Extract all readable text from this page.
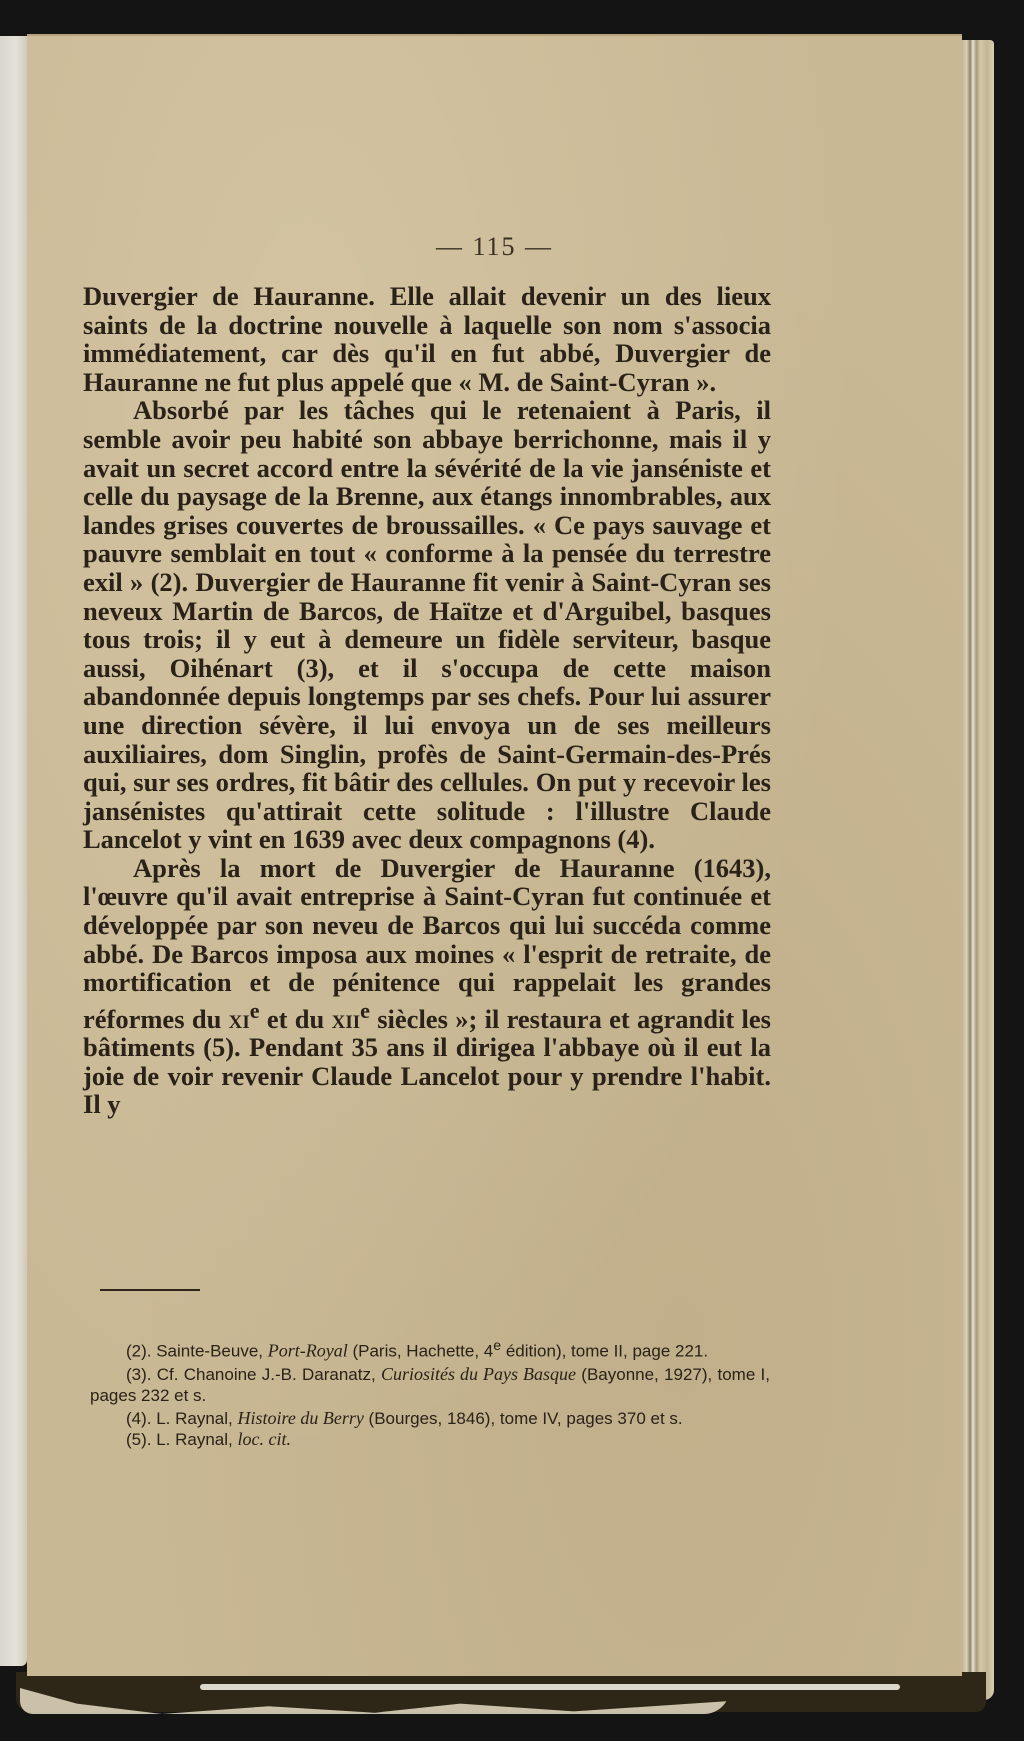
— 115 —

Duvergier de Hauranne. Elle allait devenir un des lieux saints de la doctrine nouvelle à laquelle son nom s'associa immédiatement, car dès qu'il en fut abbé, Duvergier de Hauranne ne fut plus appelé que « M. de Saint-Cyran ».

Absorbé par les tâches qui le retenaient à Paris, il semble avoir peu habité son abbaye berrichonne, mais il y avait un secret accord entre la sévérité de la vie janséniste et celle du paysage de la Brenne, aux étangs innombrables, aux landes grises couvertes de broussailles. « Ce pays sauvage et pauvre semblait en tout « conforme à la pensée du terrestre exil » (2). Duvergier de Hauranne fit venir à Saint-Cyran ses neveux Martin de Barcos, de Haïtze et d'Arguibel, basques tous trois; il y eut à demeure un fidèle serviteur, basque aussi, Oihénart (3), et il s'occupa de cette maison abandonnée depuis longtemps par ses chefs. Pour lui assurer une direction sévère, il lui envoya un de ses meilleurs auxiliaires, dom Singlin, profès de Saint-Germain-des-Prés qui, sur ses ordres, fit bâtir des cellules. On put y recevoir les jansénistes qu'attirait cette solitude : l'illustre Claude Lancelot y vint en 1639 avec deux compagnons (4).

Après la mort de Duvergier de Hauranne (1643), l'œuvre qu'il avait entreprise à Saint-Cyran fut continuée et développée par son neveu de Barcos qui lui succéda comme abbé. De Barcos imposa aux moines « l'esprit de retraite, de mortification et de pénitence qui rappelait les grandes réformes du $xi^e$ et du xii$^e$ siècles »; il restaura et agrandit les bâtiments (5). Pendant 35 ans il dirigea l'abbaye où il eut la joie de voir revenir Claude Lancelot pour y prendre l'habit. Il y

(2). Sainte-Beuve, Port-Royal (Paris, Hachette, 4e édition), tome II, page 221.

(3). Cf. Chanoine J.-B. Daranatz, Curiosités du Pays Basque (Bayonne, 1927), tome I, pages 232 et s.

(4). L. Raynal, Histoire du Berry (Bourges, 1846), tome IV, pages 370 et s.

(5). L. Raynal, loc. cit.
